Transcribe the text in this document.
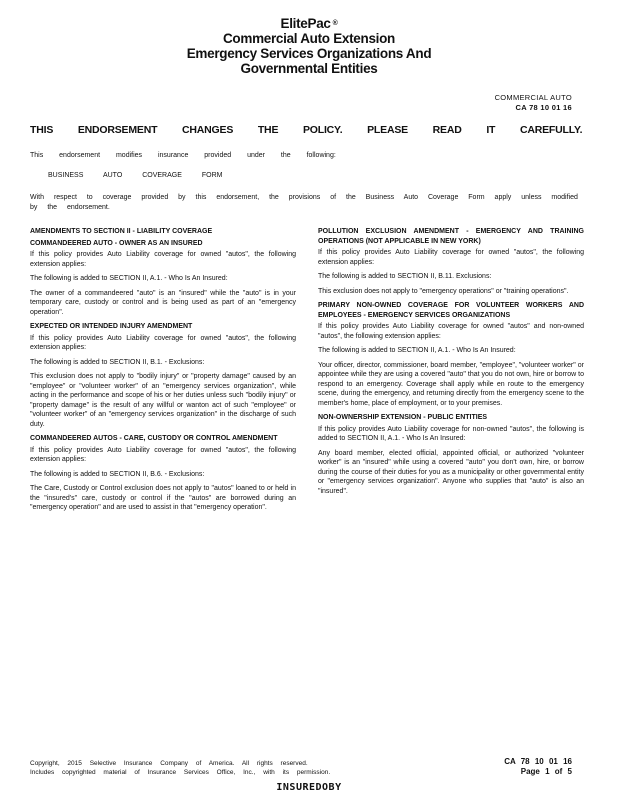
ElitePac ®
Commercial Auto Extension
Emergency Services Organizations And
Governmental Entities
COMMERCIAL AUTO
CA 78 10 01 16
THIS ENDORSEMENT CHANGES THE POLICY. PLEASE READ IT CAREFULLY.
This endorsement modifies insurance provided under the following:
BUSINESS AUTO COVERAGE FORM
With respect to coverage provided by this endorsement, the provisions of the Business Auto Coverage Form apply unless modified by the endorsement.
AMENDMENTS TO SECTION II - LIABILITY COVERAGE
COMMANDEERED AUTO - OWNER AS AN INSURED
If this policy provides Auto Liability coverage for owned "autos", the following extension applies:
The following is added to SECTION II, A.1. - Who Is An Insured:
The owner of a commandeered "auto" is an "insured" while the "auto" is in your temporary care, custody or control and is being used as part of an "emergency operation".
EXPECTED OR INTENDED INJURY AMENDMENT
If this policy provides Auto Liability coverage for owned "autos", the following extension applies:
The following is added to SECTION II, B.1. - Exclusions:
This exclusion does not apply to "bodily injury" or "property damage" caused by an "employee" or "volunteer worker" of an "emergency services organization", while acting in the performance and scope of his or her duties unless such "bodily injury" or "property damage" is the result of any willful or wanton act of such "employee" or "volunteer worker" of an "emergency services organization" in the discharge of such duty.
COMMANDEERED AUTOS - CARE, CUSTODY OR CONTROL AMENDMENT
If this policy provides Auto Liability coverage for owned "autos", the following extension applies:
The following is added to SECTION II, B.6. - Exclusions:
The Care, Custody or Control exclusion does not apply to "autos" loaned to or held in the "insured's" care, custody or control if the "autos" are borrowed during an "emergency operation" and are used to assist in that "emergency operation".
POLLUTION EXCLUSION AMENDMENT - EMERGENCY AND TRAINING OPERATIONS (NOT APPLICABLE IN NEW YORK)
If this policy provides Auto Liability coverage for owned "autos", the following extension applies:
The following is added to SECTION II, B.11. Exclusions:
This exclusion does not apply to "emergency operations" or "training operations".
PRIMARY NON-OWNED COVERAGE FOR VOLUNTEER WORKERS AND EMPLOYEES - EMERGENCY SERVICES ORGANIZATIONS
If this policy provides Auto Liability coverage for owned "autos" and non-owned "autos", the following extension applies:
The following is added to SECTION II, A.1. - Who Is An Insured:
Your officer, director, commissioner, board member, "employee", "volunteer worker" or appointee while they are using a covered "auto" that you do not own, hire or borrow to respond to an emergency. Coverage shall apply while en route to the emergency scene, during the emergency, and returning directly from the emergency scene to the member's home, place of employment, or to your premises.
NON-OWNERSHIP EXTENSION - PUBLIC ENTITIES
If this policy provides Auto Liability coverage for non-owned "autos", the following is added to SECTION II, A.1. - Who Is An Insured:
Any board member, elected official, appointed official, or authorized "volunteer worker" is an "insured" while using a covered "auto" you don't own, hire, or borrow during the course of their duties for you as a municipality or other governmental entity or "emergency services organization". Anyone who supplies that "auto" is also an "insured".
Copyright, 2015 Selective Insurance Company of America. All rights reserved.
Includes copyrighted material of Insurance Services Office, Inc., with its permission.
CA 78 10 01 16
Page 1 of 5
INSUREDOBY
